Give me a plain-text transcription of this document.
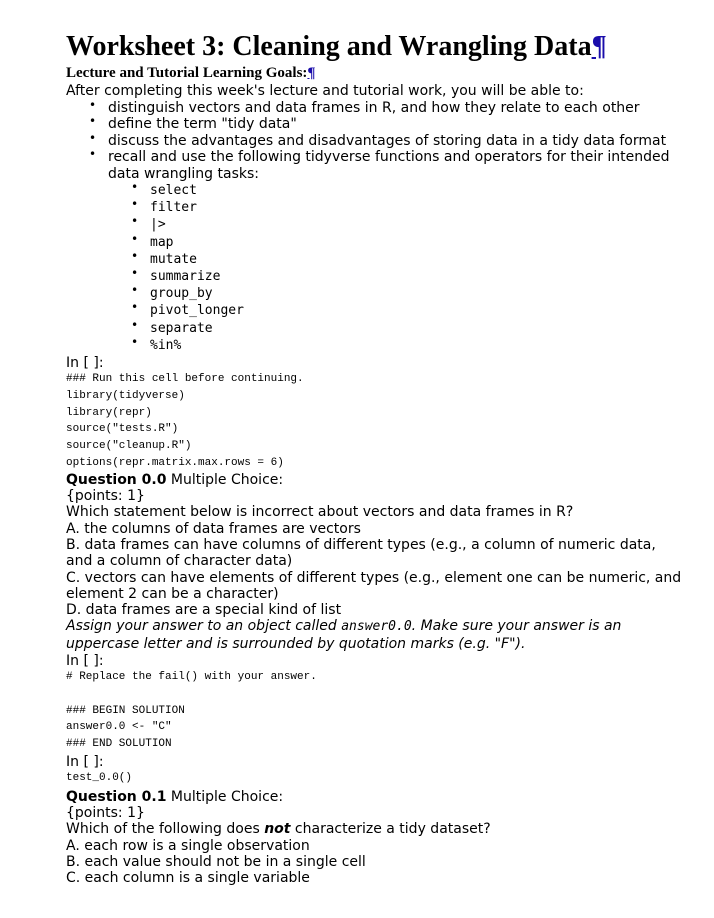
Worksheet 3: Cleaning and Wrangling Data¶
Lecture and Tutorial Learning Goals:¶
After completing this week's lecture and tutorial work, you will be able to:
• distinguish vectors and data frames in R, and how they relate to each other
• define the term "tidy data"
• discuss the advantages and disadvantages of storing data in a tidy data format
• recall and use the following tidyverse functions and operators for their intended data wrangling tasks:
• select
• filter
• |>
• map
• mutate
• summarize
• group_by
• pivot_longer
• separate
• %in%
In [ ]:
### Run this cell before continuing.
library(tidyverse)
library(repr)
source("tests.R")
source("cleanup.R")
options(repr.matrix.max.rows = 6)
Question 0.0 Multiple Choice:
{points: 1}
Which statement below is incorrect about vectors and data frames in R?
A. the columns of data frames are vectors
B. data frames can have columns of different types (e.g., a column of numeric data, and a column of character data)
C. vectors can have elements of different types (e.g., element one can be numeric, and element 2 can be a character)
D. data frames are a special kind of list
Assign your answer to an object called answer0.0. Make sure your answer is an uppercase letter and is surrounded by quotation marks (e.g. "F").
In [ ]:
# Replace the fail() with your answer.

### BEGIN SOLUTION
answer0.0 <- "C"
### END SOLUTION
In [ ]:
test_0.0()
Question 0.1 Multiple Choice:
{points: 1}
Which of the following does not characterize a tidy dataset?
A. each row is a single observation
B. each value should not be in a single cell
C. each column is a single variable
